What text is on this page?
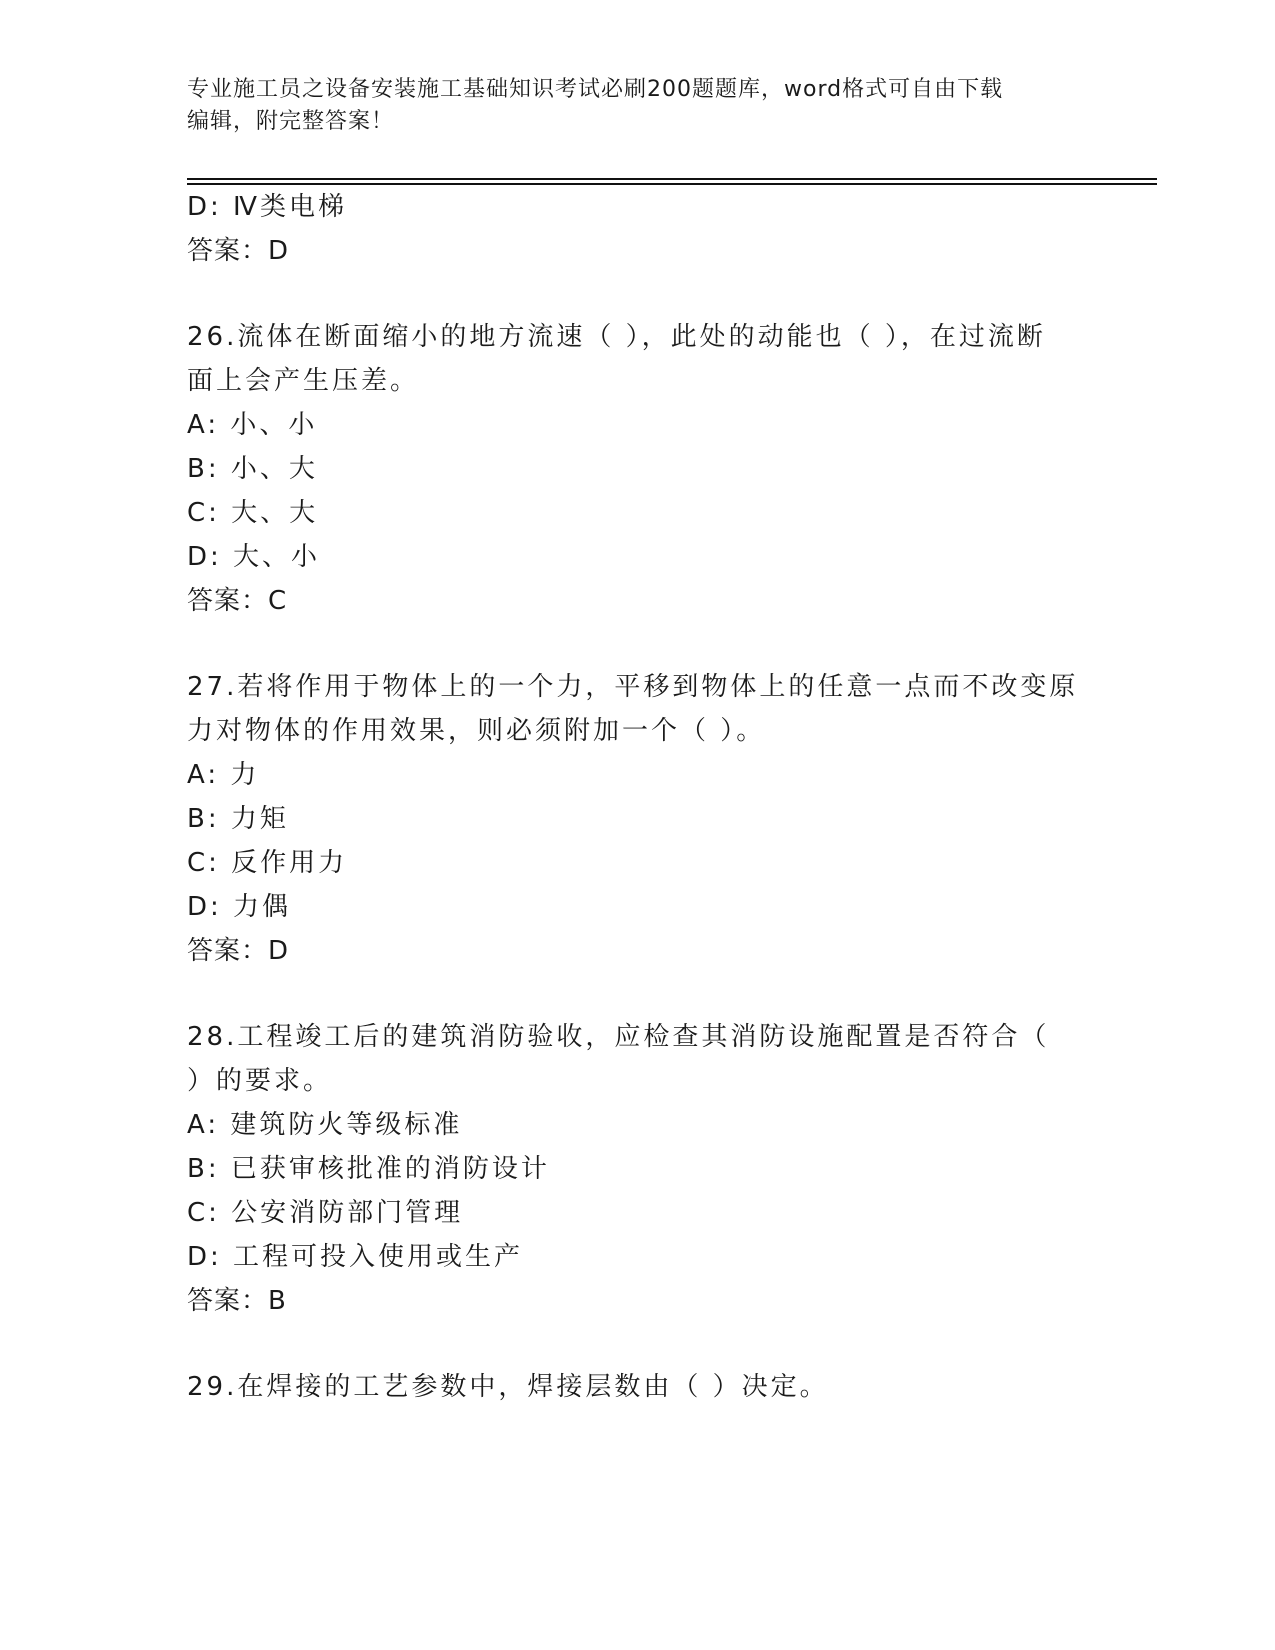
专业施工员之设备安装施工基础知识考试必刷200题题库，word格式可自由下载
编辑，附完整答案！
D: Ⅳ类电梯
答案：D
26.流体在断面缩小的地方流速（ ），此处的动能也（ ），在过流断
面上会产生压差。
A: 小、小
B: 小、大
C: 大、大
D: 大、小
答案：C
27.若将作用于物体上的一个力，平移到物体上的任意一点而不改变原
力对物体的作用效果，则必须附加一个（ ）。
A: 力
B: 力矩
C: 反作用力
D: 力偶
答案：D
28.工程竣工后的建筑消防验收，应检查其消防设施配置是否符合（
）的要求。
A: 建筑防火等级标准
B: 已获审核批准的消防设计
C: 公安消防部门管理
D: 工程可投入使用或生产
答案：B
29.在焊接的工艺参数中，焊接层数由（ ）决定。
